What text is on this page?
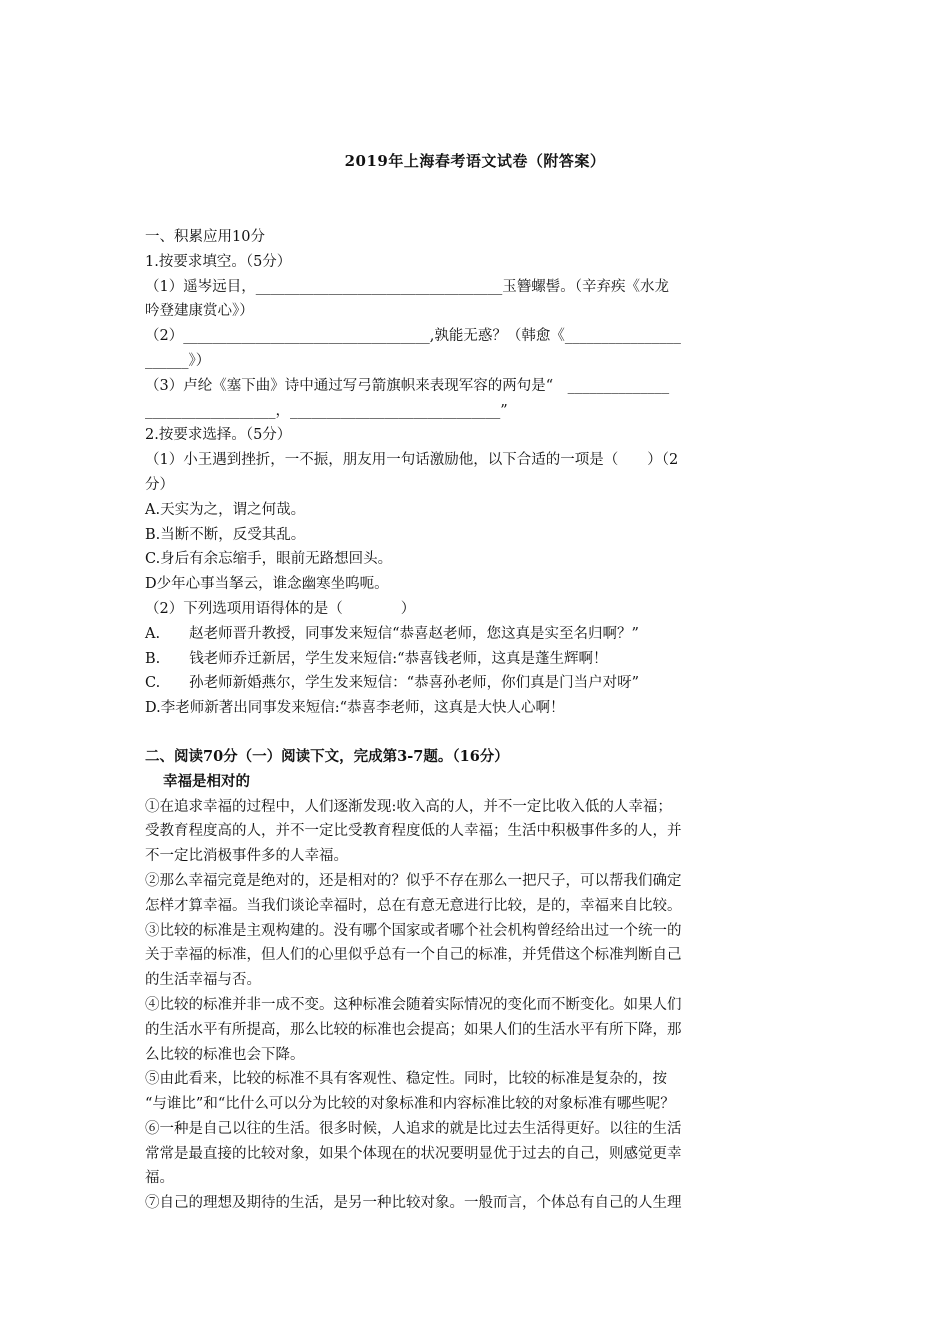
2019年上海春考语文试卷（附答案）
一、积累应用10分
1.按要求填空。（5分）
（1）遥岑远目，__________________________________玉簪螺髻。（辛弃疾《水龙
吟登建康赏心》）
（2）__________________________________,孰能无惑？（韩愈《________________
______》）
（3）卢纶《塞下曲》诗中通过写弓箭旗帜来表现军容的两句是“　______________
__________________，_____________________________”
2.按要求选择。（5分）
（1）小王遇到挫折，一不振，朋友用一句话激励他，以下合适的一项是（　　）（2
分）
A.天实为之，谓之何哉。
B.当断不断，反受其乱。
C.身后有余忘缩手，眼前无路想回头。
D少年心事当拏云，谁念幽寒坐呜呃。
（2）下列选项用语得体的是（　　　　）
A.　　赵老师晋升教授，同事发来短信“恭喜赵老师，您这真是实至名归啊？”
B.　　钱老师乔迁新居，学生发来短信:“恭喜钱老师，这真是蓬生辉啊！
C.　　孙老师新婚燕尔，学生发来短信：“恭喜孙老师，你们真是门当户对呀”
D.李老师新著出同事发来短信:“恭喜李老师，这真是大快人心啊！
二、阅读70分（一）阅读下文，完成第3-7题。（16分）
幸福是相对的
①在追求幸福的过程中，人们逐渐发现:收入高的人，并不一定比收入低的人幸福；
受教育程度高的人，并不一定比受教育程度低的人幸福；生活中积极事件多的人，并
不一定比消极事件多的人幸福。
②那么幸福完竟是绝对的，还是相对的？似乎不存在那么一把尺子，可以帮我们确定
怎样才算幸福。当我们谈论幸福时，总在有意无意进行比较，是的，幸福来自比较。
③比较的标准是主观构建的。没有哪个国家或者哪个社会机构曾经给出过一个统一的
关于幸福的标准，但人们的心里似乎总有一个自己的标准，并凭借这个标准判断自己
的生活幸福与否。
④比较的标准并非一成不变。这种标准会随着实际情况的变化而不断变化。如果人们
的生活水平有所提高，那么比较的标准也会提高；如果人们的生活水平有所下降，那
么比较的标准也会下降。
⑤由此看来，比较的标准不具有客观性、稳定性。同时，比较的标准是复杂的，按
“与谁比”和“比什么可以分为比较的对象标准和内容标准比较的对象标准有哪些呢？
⑥一种是自己以往的生活。很多时候，人追求的就是比过去生活得更好。以往的生活
常常是最直接的比较对象，如果个体现在的状况要明显优于过去的自己，则感觉更幸
福。
⑦自己的理想及期待的生活，是另一种比较对象。一般而言，个体总有自己的人生理
